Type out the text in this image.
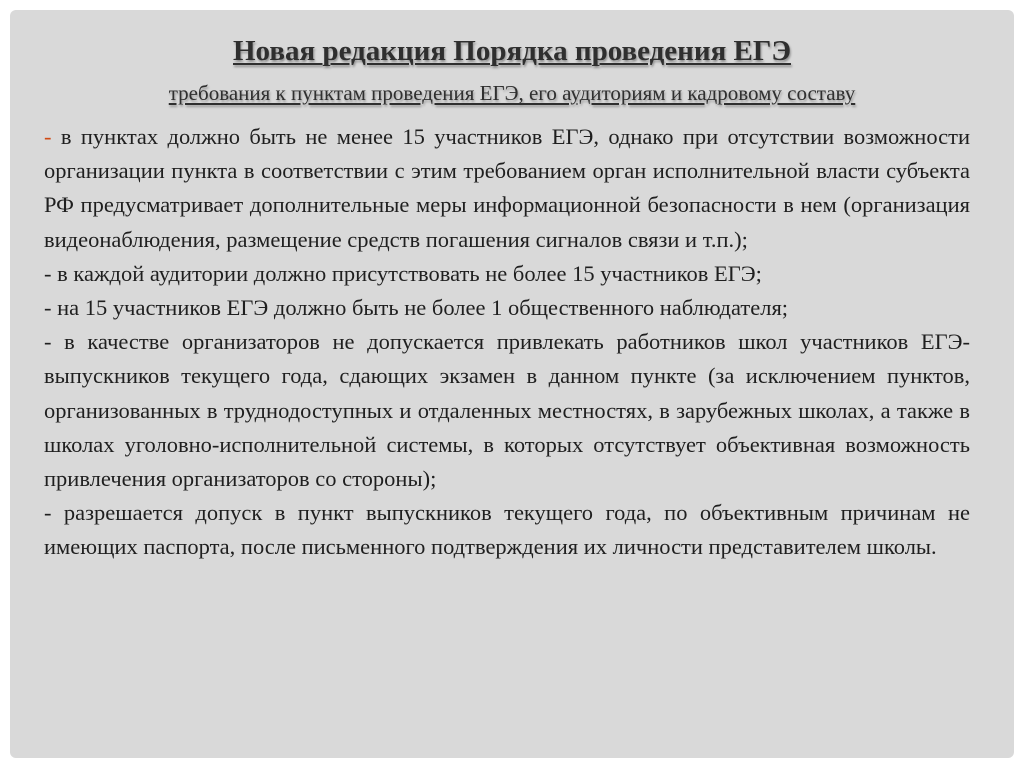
Новая редакция Порядка проведения ЕГЭ
требования к пунктам проведения ЕГЭ, его аудиториям и кадровому составу

- в пунктах должно быть не менее 15 участников ЕГЭ, однако при отсутствии возможности организации пункта в соответствии с этим требованием орган исполнительной власти субъекта РФ предусматривает дополнительные меры информационной безопасности в нем (организация видеонаблюдения, размещение средств погашения сигналов связи и т.п.);

- в каждой аудитории должно присутствовать не более 15 участников ЕГЭ;

- на 15 участников ЕГЭ должно быть не более 1 общественного наблюдателя;

- в качестве организаторов не допускается привлекать работников школ участников ЕГЭ-выпускников текущего года, сдающих экзамен в данном пункте (за исключением пунктов, организованных в труднодоступных и отдаленных местностях, в зарубежных школах, а также в школах уголовно-исполнительной системы, в которых отсутствует объективная возможность привлечения организаторов со стороны);

- разрешается допуск в пункт выпускников текущего года, по объективным причинам не имеющих паспорта, после письменного подтверждения их личности представителем школы.
